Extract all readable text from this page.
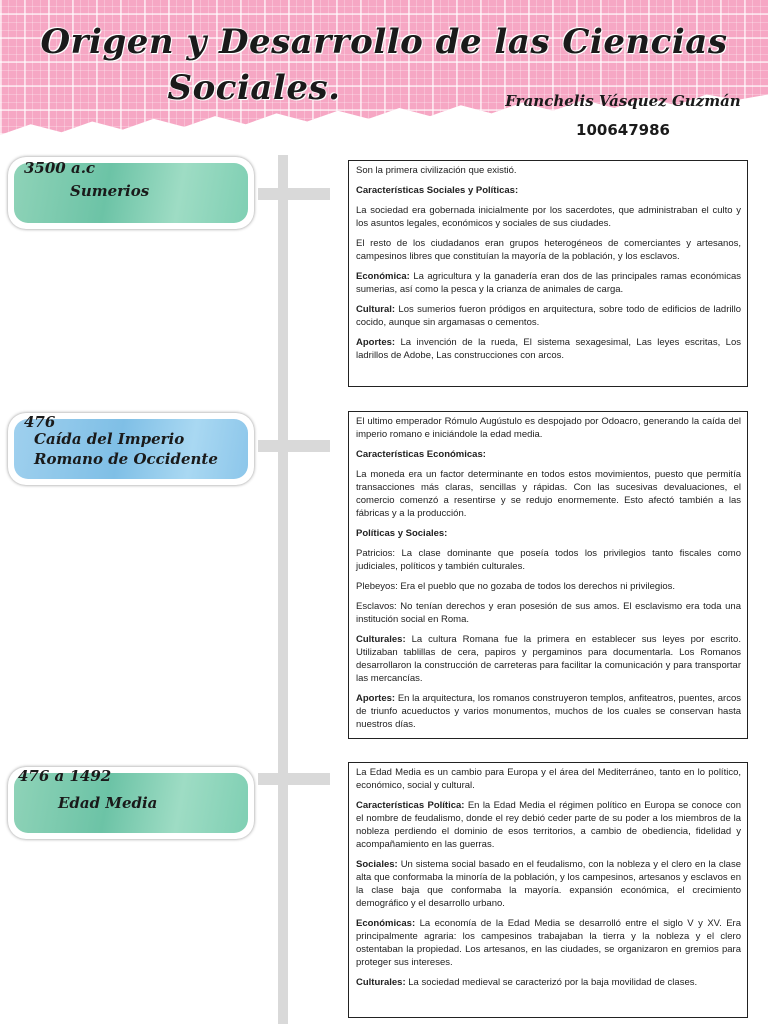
Origen y Desarrollo de las Ciencias
Sociales.	Franchelis Vásquez Guzmán
100647986
3500 a.c
Sumerios
476
Caída del Imperio
Romano de Occidente
476 a 1492
Edad Media

Son la primera civilización que existió.

Características Sociales y Políticas:

La sociedad era gobernada inicialmente por los sacerdotes, que administraban el culto y los asuntos legales, económicos y sociales de sus ciudades.

El resto de los ciudadanos eran grupos heterogéneos de comerciantes y artesanos, campesinos libres que constituían la mayoría de la población, y los esclavos.

Económica: La agricultura y la ganadería eran dos de las principales ramas económicas sumerias, así como la pesca y la crianza de animales de carga.

Cultural: Los sumerios fueron pródigos en arquitectura, sobre todo de edificios de ladrillo cocido, aunque sin argamasas o cementos.

Aportes: La invención de la rueda, El sistema sexagesimal, Las leyes escritas, Los ladrillos de Adobe, Las construcciones con arcos.

El ultimo emperador Rómulo Augústulo es despojado por Odoacro, generando la caída del imperio romano e iniciándole la edad media.

Características Económicas:

La moneda era un factor determinante en todos estos movimientos, puesto que permitía transacciones más claras, sencillas y rápidas. Con las sucesivas devaluaciones, el comercio comenzó a resentirse y se redujo enormemente. Esto afectó también a las fábricas y a la producción.

Políticas y Sociales:

Patricios: La clase dominante que poseía todos los privilegios tanto fiscales como judiciales, políticos y también culturales.

Plebeyos: Era el pueblo que no gozaba de todos los derechos ni privilegios.

Esclavos: No tenían derechos y eran posesión de sus amos. El esclavismo era toda una institución social en Roma.

Culturales: La cultura Romana fue la primera en establecer sus leyes por escrito. Utilizaban tablillas de cera, papiros y pergaminos para documentarla. Los Romanos desarrollaron la construcción de carreteras para facilitar la comunicación y para transportar las mercancías.

Aportes: En la arquitectura, los romanos construyeron templos, anfiteatros, puentes, arcos de triunfo acueductos y varios monumentos, muchos de los cuales se conservan hasta nuestros días.

La Edad Media es un cambio para Europa y el área del Mediterráneo, tanto en lo político, económico, social y cultural.

Características Política: En la Edad Media el régimen político en Europa se conoce con el nombre de feudalismo, donde el rey debió ceder parte de su poder a los miembros de la nobleza perdiendo el dominio de esos territorios, a cambio de obediencia, fidelidad y acompañamiento en las guerras.

Sociales: Un sistema social basado en el feudalismo, con la nobleza y el clero en la clase alta que conformaba la minoría de la población, y los campesinos, artesanos y esclavos en la clase baja que conformaba la mayoría. expansión económica, el crecimiento demográfico y el desarrollo urbano.

Económicas: La economía de la Edad Media se desarrolló entre el siglo V y XV. Era principalmente agraria: los campesinos trabajaban la tierra y la nobleza y el clero ostentaban la propiedad. Los artesanos, en las ciudades, se organizaron en gremios para proteger sus intereses.

Culturales: La sociedad medieval se caracterizó por la baja movilidad de clases.
